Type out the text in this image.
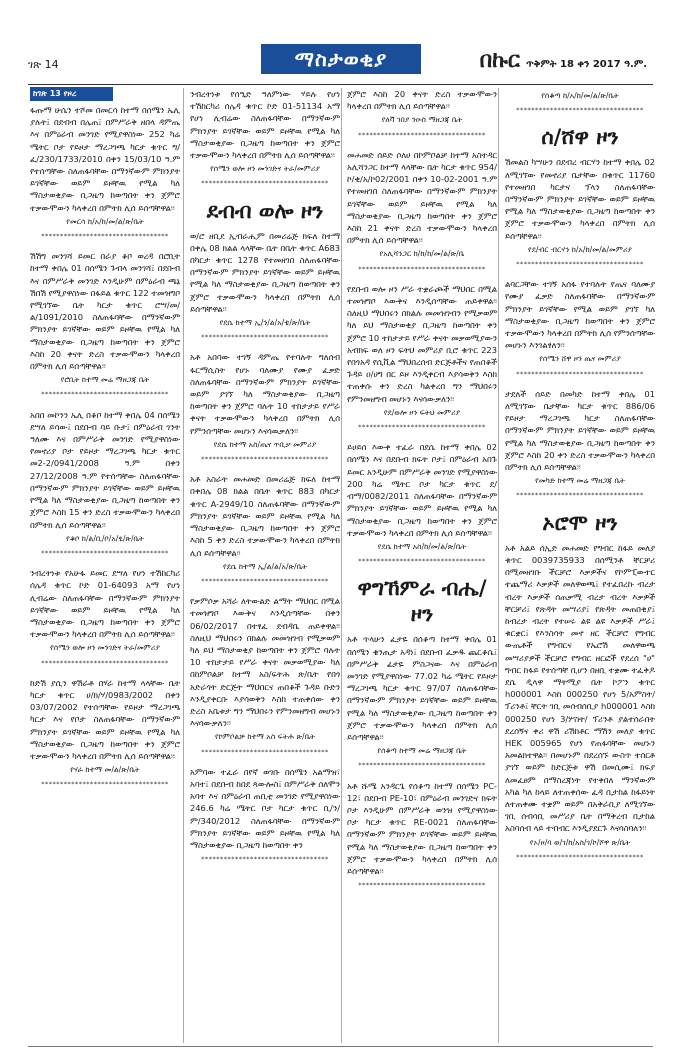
ገጽ 14	ማስታወቂያ	በኩር ጥቅምት 18 ቀን 2017 ዓ.ም.
ከገጽ 13 የዞረ

ፋጡማ ሁሴን ተሾመ በመርሳ ከተማ በሰሜን ኤሊ ያሉት፤ በደብብ በሌጠ፤ በምሥራቅ ዘበላ ዳምጤ እና በምዕራብ መንገድ የሚያዋስነው 252 ካሬ ሜትር ቦታ የይዞታ ማረጋገጫ ካርታ ቁጥር ግ/ፈ/230/1733/2010 በቀን 15/03/10 ዓ.ም የተሰጣቸው ስለጠፋባቸው በማንኛውም ምክንያት ይገኛቸው ወይም ይዞቸዉ የሚል ካለ ማስታወቂያው ቢጋዜጣ ከወጣበት ቀን ጀምሮ ተቃውሞውን ካላቀረበ በምትክ ሊሰ ይሰጣቸዋል፡፡

የመርሳ ከ/አ/ከ/መ/ል/ጽ/ቤት
**********************************

ሽሽግ መንገሻ ይመር በራያ ቆቦ ወረዳ በሮቢት ከተማ ቀበሌ 01 በሰሜን ጉብላ መንገሻ፤ በደቡብ እና በምሥራቅ መንገድ እንዲሁም በምዕራብ ጫኔ ሽበሽ የሚያዋስነው በፋይል ቁጥር 122 ተመዝግቦ የሚገኘው ቤት ካርታ ቁጥር ሮሣ/መ/ል/1091/2010 ስለጠፋባቸው በማንኛውም ምክንያት ይገኛቸው ወይም ይዞቸዉ የሚል ካለ ማስታወቂያው ቢጋዜጣ ከወጣበት ቀን ጀምሮ እስከ 20 ቀናት ድረስ ተቃውሞውን ካላቀረበ በምትክ ሊሰ ይሰጣቸዋል፡፡

የሮቢት ከተማ መሬ ማዘጋጃ ቤት
**********************************

አበበ መኮንን ኤሊ በቆቦ ከተማ ቀበሌ 04 በሰሜን ደሣለ ይሳው፤ በደቡብ ባይ ቡታ፤ በምዕራብ ገንት ዓለሙ እና በምሥራቅ መንገድ የሚያዋስነው የመኖሪያ ቦታ የይዞታ ማረጋገጫ ካርታ ቁጥር መ2-2/0941/2008 ዓ.ም በቀን 27/12/2008 ዓ.ም የተሰጣቸው ስለጠፋባቸው በማንኛውም ምክንያት ይገኛቸው ወይም ይዞቸዉ የሚል ካለ ማስታወቂያው ቢጋዜጣ ከወጣበት ቀን ጀምሮ እስከ 15 ቀን ድረስ ተቃውሞውን ካላቀረበ በምትክ ሊሰ ይሰጣቸዋል፡፡

የቆቦ ከ/ል/ቢ/ቦ/አ/ፂ/ጽ/ቤት
**********************************

ንብረትነቱ የአሁፋ ይመር ደሣለ የሆነ ተሽከርካሪ ሰሌዳ ቁጥር ኮድ 01-64093 አማ የሆነ ሊብሬው ስለጠፋባቸው በማንኛውም ምክንያት ይገኛቸው ወይም ይዞቸዉ የሚል ካለ ማስታወቂያው ቢጋዜጣ ከወጣበት ቀን ጀምሮ ተቃውሞውን ካላቀረበ በምትክ ሊሰ ይሰጣቸዋል፡፡

የሰሜን ወሎ ዞን መንገድና ትራ/መምሪያ
**********************************

ከድሽ ያሲን ዋሽራቶ በሃራ ከተማ ላላቸው ቤት ካርታ ቁጥር ሀ/ክ/ሃ/0983/2002 በቀን 03/07/2002 የተሰጣቸው የይዞታ ማረጋገጫ ካርታ እና የቦታ ስለጠፋባቸው በማንኛውም ምክንያት ይገኛቸው ወይም ይዞቸዉ የሚል ካለ ማስታወቂያው ቢጋዜጣ ከወጣበት ቀን ጀምሮ ተቃውሞውን ካላቀረበ በምትክ ሊሰ ይሰጣቸዋል፡፡

የሃራ ከተማ መ/ል/ጽ/ቤት
**********************************

ንብረትነቱ የሰዒድ ዓለምነው ሃይሉ የሆነ ተሽከርካሪ ሰሌዳ ቁጥር ኮድ 01-51134 አማ የሆነ ሊብሬው ስለጠፋባቸው በማንኛውም ምክንያት ይገኛቸው ወይም ይዞቸዉ የሚል ካለ ማስታወቂያው ቢጋዜጣ ከወጣበት ቀን ጀምሮ ተቃውሞውን ካላቀረበ በምትክ ሊሰ ይሰጣቸዋል፡፡

የሰሜን ወሎ ዞን መንገድና ትራ/መምሪያ
**********************************
ደብብ ወሎ ዞን

ወ/ሮ ዘቢደ ኢብራሒም በመሪሬጅ ክፍለ ከተማ በቀሌ 08 ክልል ላላቸው ቤት በቤት ቁጥር A683 በካርታ ቁጥር 1278 የተመዘገበ ስለጠፋባቸው በማንኛውም ምክንያት ይገኛቸው ወይም ይዞቸዉ የሚል ካለ ማስታወቂያው ቢጋዜጣ ከወጣበት ቀን ጀምሮ ተቃውሞውን ካላቀረበ በምትክ ሊሰ ይሰጣቸዋል፡፡

የደሴ ከተማ ኢ/ን/ል/አ/ቴ/ጽ/ቤት
**********************************

አቶ አበባው ተገኝ ዳምጤ የተባሉት ግለሰብ ፋርማሲስት የሆኑ ባለሙያ የሙያ ፈቃድ ስለጠፋባቸው በማንኛውም ምክንያት ይገኛቸው ወይም ያገኘ ካለ ማስታወቂያው ቢጋዜጣ ከወጣበት ቀን ጀምሮ ባሉት 10 ተከታታይ የሥራ ቀናት ተቃውሞውን ካላቀረበ በምትክ ሊሰ የምንሰጣቸው መሆኑን እናሳዉቃለን፡፡

የደሴ ከተማ አስ/ጤና ጥቢቃ መምሪያ
**********************************

አቶ አስራት መሐመድ በመሪሬጅ ክፍለ ከተማ በቀበሌ 08 ክልል በቤት ቁጥር 883 በካርታ ቁጥር A-2949/10 ስለጠፋባቸው በማንኛውም ምክንያት ይገኛቸው ወይም ይዞቸዉ የሚል ካለ ማስታወቂያው ቢጋዜጣ ከወጣበት ቀን ጀምሮ እስከ 5 ቀን ድረስ ተቃውሞውን ካላቀረበ በምትክ ሊሰ ይሰጣቸዋል፡፡

የደሴ ከተማ ኢ/ል/ል/አ/ጽ/ቤት
**********************************

የቃምሶቃ አሻራ ለትውልድ ልማት ማህበር በሚል ተመዝግቦ እውቅና እንዲሰጣቸው በቀን 06/02/2017 በተፃፈ ደብዳቤ ጠይቀዋል፡፡ ስለዚህ ማህበሩን በክልሉ መመዝገብ የሚቃወም ካለ ይህ ማስታወቂያ ከወጣበት ቀን ጀምሮ ባሉት 10 ተከታታይ የሥራ ቀናት መቃወሚያው ካለ በከምቦልቻ ከተማ አስ/ፍትሕ ጽ/ቤት የበጎ አድራጎት ድርጅት ማህበርና ጠበቆች ጉዳይ ቡድን እንዲያቀርቡ እያሳወቅን እስከ ተጠቀሰው ቀን ድረስ አቤቱታ ግን ማህበሩን የምንመዘግብ መሆኑን እናሳውቃለን፡፡

የኮምቦልቻ ከተማ አስ ፍትሕ ጽ/ቤት
**********************************

አምባው ተፈራ በየኛ ወገቡ በሰሜን አልማዝ፣ አባተ፤ በደቡብ ከበደ ጳውሎስ፤ በምሥራቅ ሰለሞን አባተ እና በምዕራብ ጠቢቲ መንገድ የሚያዋስነው 246.6 ካሬ ሜትር ቦታ ካርታ ቁጥር ቢ/ን/ም/340/2012 ስለጠፋባቸው በማንኛውም ምክንያት ይገኛቸው ወይም ይዞቸዉ የሚል ካለ ማስታወቂያው ቢጋዜጣ ከወጣበት ቀን

**********************************

ጀምሮ እስከ 20 ቀናት ድረስ ተቃውሞውን ካላቀረበ በምትክ ሊሰ ይሰጣቸዋል፡፡

የለቫ ገበያ ንዑስ ማዘጋጃ ቤት
**********************************

መሐመድ ሰይድ ሶለሀ በኮምቦልቻ ከተማ አስተዳር አሊሻንጋር ከተማ ላላቸው ቤት ካርታ ቁጥር 954/ኮ/ቂ/አ/ኮ02/2001 በቀን 10-02-2001 ዓ.ም የተመዘገበ ስለጠፋባቸው በማንኛውም ምክንያት ይገኛቸው ወይም ይዞቸዉ የሚል ካለ ማስታወቂያው ቢጋዜጣ ከወጣበት ቀን ጀምሮ እስከ 21 ቀናት ድረስ ተቃውሞውን ካላቀረበ በምትክ ሊሰ ይሰጣቸዋል፡፡

የአሊሻንጋር ከ/ከ/ከ/መ/ል/ጽ/ቤ
**********************************

የደቡብ ወሎ ዞን ሥራ ተቋራጮች ማህበር በሚል ተመዝግቦ እውቅና እንዲሰጣቸው ጠይቀዋል፡፡ ስለዚህ ማህበሩን በክልሉ መመዝገብን የሚቃወም ካለ ይህ ማስታወቂያ ቢጋዜጣ ከወጣበት ቀን ጀምሮ 10 ተከታታይ የሥራ ቀናት መቃወሚያውን አብክፍ ወለ ዞን ፍትህ መምሪያ ቢሮ ቁጥር 223 የበጎአዳ የሲቪል ማህበረሰብ ድርጅቶችና የጠበቆች ጉዳይ ዐ/ሀግ በር ይዞ እንዲቀርብ እያሳወቅን እስከ ተጠቀሱ ቀን ድረስ ካልቀረበ ግን ማህበሩን የምንመዘግብ መሆኑን እናሳውቃለን፡፡

የደ/ወሎ ዞን ፍትህ መምሪያ
**********************************

ይሀይሰ እውቀ ተፈራ በደሴ ከተማ ቀበሌ 02 በሰሜን እና በደቡብ ክፍት ቦታ፤ በምዕራብ አበጉ ይመር አንዲሁም በምሥራቅ መንገድ የሚያዋስነው 200 ካሬ ሜትር ቦታ ካርታ ቁጥር ደ/ብማ/0082/2011 ስለጠፋባቸው በማንኛውም ምክንያት ይገኛቸው ወይም ይዞቸዉ የሚል ካለ ማስታወቂያው ቢጋዜጣ ከወጣበት ቀን ጀምሮ ተቃውሞውን ካላቀረበ በምትክ ሊሰ ይሰጣቸዋል፡፡

የደሴ ከተማ አስ/ከ/መ/ል/ጽ/ቤት
**********************************
ዋግኸምራ ብሔ/ዞን

አቶ ጥላሁን ፈታዬ በሰቆጣ ከተማ ቀበሌ 01 በሰሜን ቄንጢታ አዳነ፤ በደቡብ ፈቃዱ ጨርቆሴ፤ በምሥራቅ ፊታዬ ምስጋናው እና በምዕራብ መንገድ የሚያዋስነው 77.02 ካሬ ሜትር የይዞታ ማረጋገጫ ካርታ ቁጥር 97/07 ስለጠፋባቸው በማንኛውም ምክንያት ይገኛቸው ወይም ይዞቸዉ የሚል ካለ ማስታወቂያው ቢጋዜጣ ከወጣበት ቀን ጀምሮ ተቃውሞውን ካላቀረበ በምትክ ሊሰ ይሰጣቸዋል፡፡

የሰቆጣ ከተማ መሬ ማዘጋጃ ቤት
**********************************

አቶ ሹሜ አንዳርጌ የሰቆጣ ከተማ በሰሜን PC-12፣ በደቡብ PE-10፣ በምዕራብ መንገድና ክፍት ቦታ እንዲሁም በምሥራቅ ወንዝ የሚያዋስነው ቦታ ካርታ ቁጥር RE-0021 ስለጠፋባቸው በማንኛውም ምክንያት ይገኛቸው ወይም ይዞቸዉ የሚል ካለ ማስታወቂያው ቢጋዜጣ ከወጣበት ቀን ጀምሮ ተቃውሞውን ካላቀረበ በምትክ ሊሰ ይሰጣቸዋል፡፡

**********************************
የሰቆጣ ከ/አ/ከ/መ/ል/ጽ/ቤት
**********************************
ሰ/ሸዋ ዞን

ሽመልስ ካሣሁን በደብረ ብርሃን ከተማ ቀበሌ 02 ለሚገኘው የመኖሪያ ቤታቸው በቁጥር 11760 የተመዘገበ ካርታና ፕላን ስለጠፋባቸው በማንኛውም ምክንያት ይገኛቸው ወይም ይዞቸዉ የሚል ካለ ማስታወቂያው ቢጋዜጣ ከወጣበት ቀን ጀምሮ ተቃውሞውን ካላቀረበ በምትክ ሊሰ ይሰጣቸዋል፡፡

የደ/ብር ብርሃን ከ/አ/ከ/መ/ል/መምሪያ
**********************************

ልባርጋቸው ተገኝ አሰፋ የተባሉት የጤና ባለሙያ የሙያ ፈቃድ ስለጠፋባቸው በማንኛውም ምክንያት ይገኛቸው የሚል ወይም ያገኘ ካለ ማስታወቂያው ቢጋዜጣ ከወጣበት ቀን ጀምሮ ተቃውሞውን ካላቀረበ በምትክ ሊሰ የምንሰጣቸው መሆኑን እንገልፃለን፡፡

የሰሜን ሸዋ ዞን ጤና መምሪያ
**********************************

ታደለች ሰይድ በመካድ ከተማ ቀበሌ 01 ለሚገኘው ቤታቸው ካርታ ቁጥር 886/06 የይዞታ ማረጋገጫ ካርታ ስለጠፋባቸው በማንኛውም ምክንያት ይገኛቸው ወይም ይዞቸዉ የሚል ካለ ማስታወቂያው ቢጋዜጣ ከወጣበት ቀን ጀምሮ እስከ 20 ቀን ድረስ ተቃውሞውን ካላቀረበ በምትክ ሊሰ ይሰጣቸዋል፡፡

የመካድ ከተማ መሬ ማዘጋጃ ቤት
**********************************
ኦሮሞ ዞን

አቶ አልይ ሰኢድ መሐመድ የግብር ከፋይ መለያ ቁጥር 0039735933 በሰሚንቶ ቸርቻሪ በሚመዘገቡ ችርቻሮ እቃዎችና የኮምፒውተር ተጨማሪ እቃዎች መለዋወጫ፤ የተፈበረኩ ብረታ ብረት እቃዎች ሰጠቃሚ ብረታ ብረት እቃዎች ቸርቻሪ፤ የጽዳት መሣሪያ፤ የጽዳት መጠበቂያ፤ ከብረታ ብረት የተሠሩ ልዩ ልዩ እቃዎች ሥራ፤ ቁርቋር፤ የእንስሳት መኖ ዘር ችርቻሮ የግብር ውጤቶች የግብርና የኤሮሽ መለዋወጫ መሣሪያዎች ችርቻሮ የግብር ዘርፎች የደረሰ "ሀ" ግብር ከፋይ የተሰጣቸ ቢሆን በዘቢ ተቋሙ ተፈቅዶ ደሴ ዲላዋ ማትሚያ ቤት ኮፖን ቁጥር h000001 እስከ 000250 የሆነ 5/አምስት/ ፕሪንቶ፤ ቸርት ገቢ መሰብሰቢያ h000001 እስከ 000250 የሆነ 3/ሦስት/ ፕሪንቶ ያልተሰራበት ደረሰኝና ቀሪ ዋሽ ሪሽከቶር ማሽን መለያ ቁጥር HEK 005965 የሆነ የጠፋባቸው መሆኑን አመልክተዋል፡፡ በመሆኑም በደረሰኙ ውስጥ ተሰርቶ ያገኘ ወይም ከድርጅቱ ዋሽ በመሲሙ፤ ክፍያ ለመፈፀም በማስረጃነት የተቀበለ ማንኛውም አካል ካለ ከላይ ለተጠቀሰው ፈዳ ቢታከል ከፋይነት ለተጠቀሙ ተቋም ወይም በአቅራቢያ ለሚገኘው ገቢ ሰብሳቢ መሥሪያ ቤት በማቅረብ ቢታከል አስባሰብ ላይ ተብብር እንዲያደርጉ እናሳስባለን፡፡

የኦ/ዞ/ባ ወ/ገ/ከ/አስ/ገ/ኮ/ሾዋ ጽ/ቤት
**********************************
